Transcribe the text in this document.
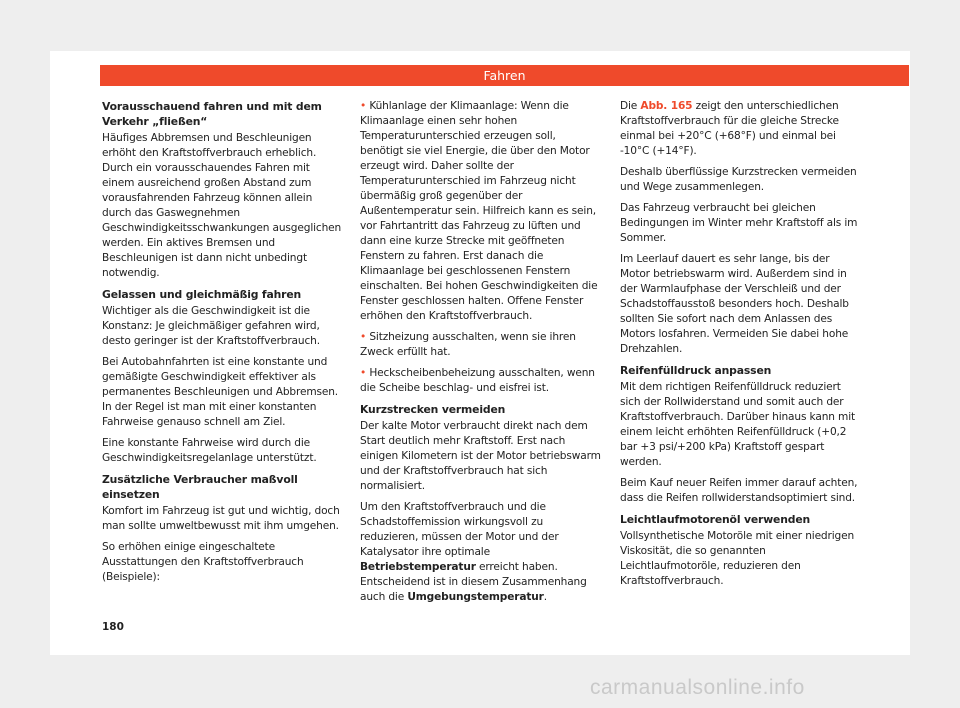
Fahren
Vorausschauend fahren und mit dem Verkehr „fließen“

Häufiges Abbremsen und Beschleunigen erhöht den Kraftstoffverbrauch erheblich. Durch ein vorausschauendes Fahren mit einem ausreichend großen Abstand zum vorausfahrenden Fahrzeug können allein durch das Gaswegnehmen Geschwindigkeitsschwankungen ausgeglichen werden. Ein aktives Bremsen und Beschleunigen ist dann nicht unbedingt notwendig.

Gelassen und gleichmäßig fahren

Wichtiger als die Geschwindigkeit ist die Konstanz: Je gleichmäßiger gefahren wird, desto geringer ist der Kraftstoffverbrauch.

Bei Autobahnfahrten ist eine konstante und gemäßigte Geschwindigkeit effektiver als permanentes Beschleunigen und Abbremsen. In der Regel ist man mit einer konstanten Fahrweise genauso schnell am Ziel.

Eine konstante Fahrweise wird durch die Geschwindigkeitsregelanlage unterstützt.

Zusätzliche Verbraucher maßvoll einsetzen

Komfort im Fahrzeug ist gut und wichtig, doch man sollte umweltbewusst mit ihm umgehen.

So erhöhen einige eingeschaltete Ausstattungen den Kraftstoffverbrauch (Beispiele):

• Kühlanlage der Klimaanlage: Wenn die Klimaanlage einen sehr hohen Temperaturunterschied erzeugen soll, benötigt sie viel Energie, die über den Motor erzeugt wird. Daher sollte der Temperaturunterschied im Fahrzeug nicht übermäßig groß gegenüber der Außentemperatur sein. Hilfreich kann es sein, vor Fahrtantritt das Fahrzeug zu lüften und dann eine kurze Strecke mit geöffneten Fenstern zu fahren. Erst danach die Klimaanlage bei geschlossenen Fenstern einschalten. Bei hohen Geschwindigkeiten die Fenster geschlossen halten. Offene Fenster erhöhen den Kraftstoffverbrauch.

• Sitzheizung ausschalten, wenn sie ihren Zweck erfüllt hat.

• Heckscheibenbeheizung ausschalten, wenn die Scheibe beschlag- und eisfrei ist.

Kurzstrecken vermeiden

Der kalte Motor verbraucht direkt nach dem Start deutlich mehr Kraftstoff. Erst nach einigen Kilometern ist der Motor betriebswarm und der Kraftstoffverbrauch hat sich normalisiert.

Um den Kraftstoffverbrauch und die Schadstoffemission wirkungsvoll zu reduzieren, müssen der Motor und der Katalysator ihre optimale Betriebstemperatur erreicht haben. Entscheidend ist in diesem Zusammenhang auch die Umgebungstemperatur.

Die Abb. 165 zeigt den unterschiedlichen Kraftstoffverbrauch für die gleiche Strecke einmal bei +20°C (+68°F) und einmal bei -10°C (+14°F).

Deshalb überflüssige Kurzstrecken vermeiden und Wege zusammenlegen.

Das Fahrzeug verbraucht bei gleichen Bedingungen im Winter mehr Kraftstoff als im Sommer.

Im Leerlauf dauert es sehr lange, bis der Motor betriebswarm wird. Außerdem sind in der Warmlaufphase der Verschleiß und der Schadstoffausstoß besonders hoch. Deshalb sollten Sie sofort nach dem Anlassen des Motors losfahren. Vermeiden Sie dabei hohe Drehzahlen.

Reifenfülldruck anpassen

Mit dem richtigen Reifenfülldruck reduziert sich der Rollwiderstand und somit auch der Kraftstoffverbrauch. Darüber hinaus kann mit einem leicht erhöhten Reifenfülldruck (+0,2 bar +3 psi/+200 kPa) Kraftstoff gespart werden.

Beim Kauf neuer Reifen immer darauf achten, dass die Reifen rollwiderstandsoptimiert sind.

Leichtlaufmotorenöl verwenden

Vollsynthetische Motoröle mit einer niedrigen Viskosität, die so genannten Leichtlaufmotoröle, reduzieren den Kraftstoffverbrauch.

180
carmanualsonline.info
